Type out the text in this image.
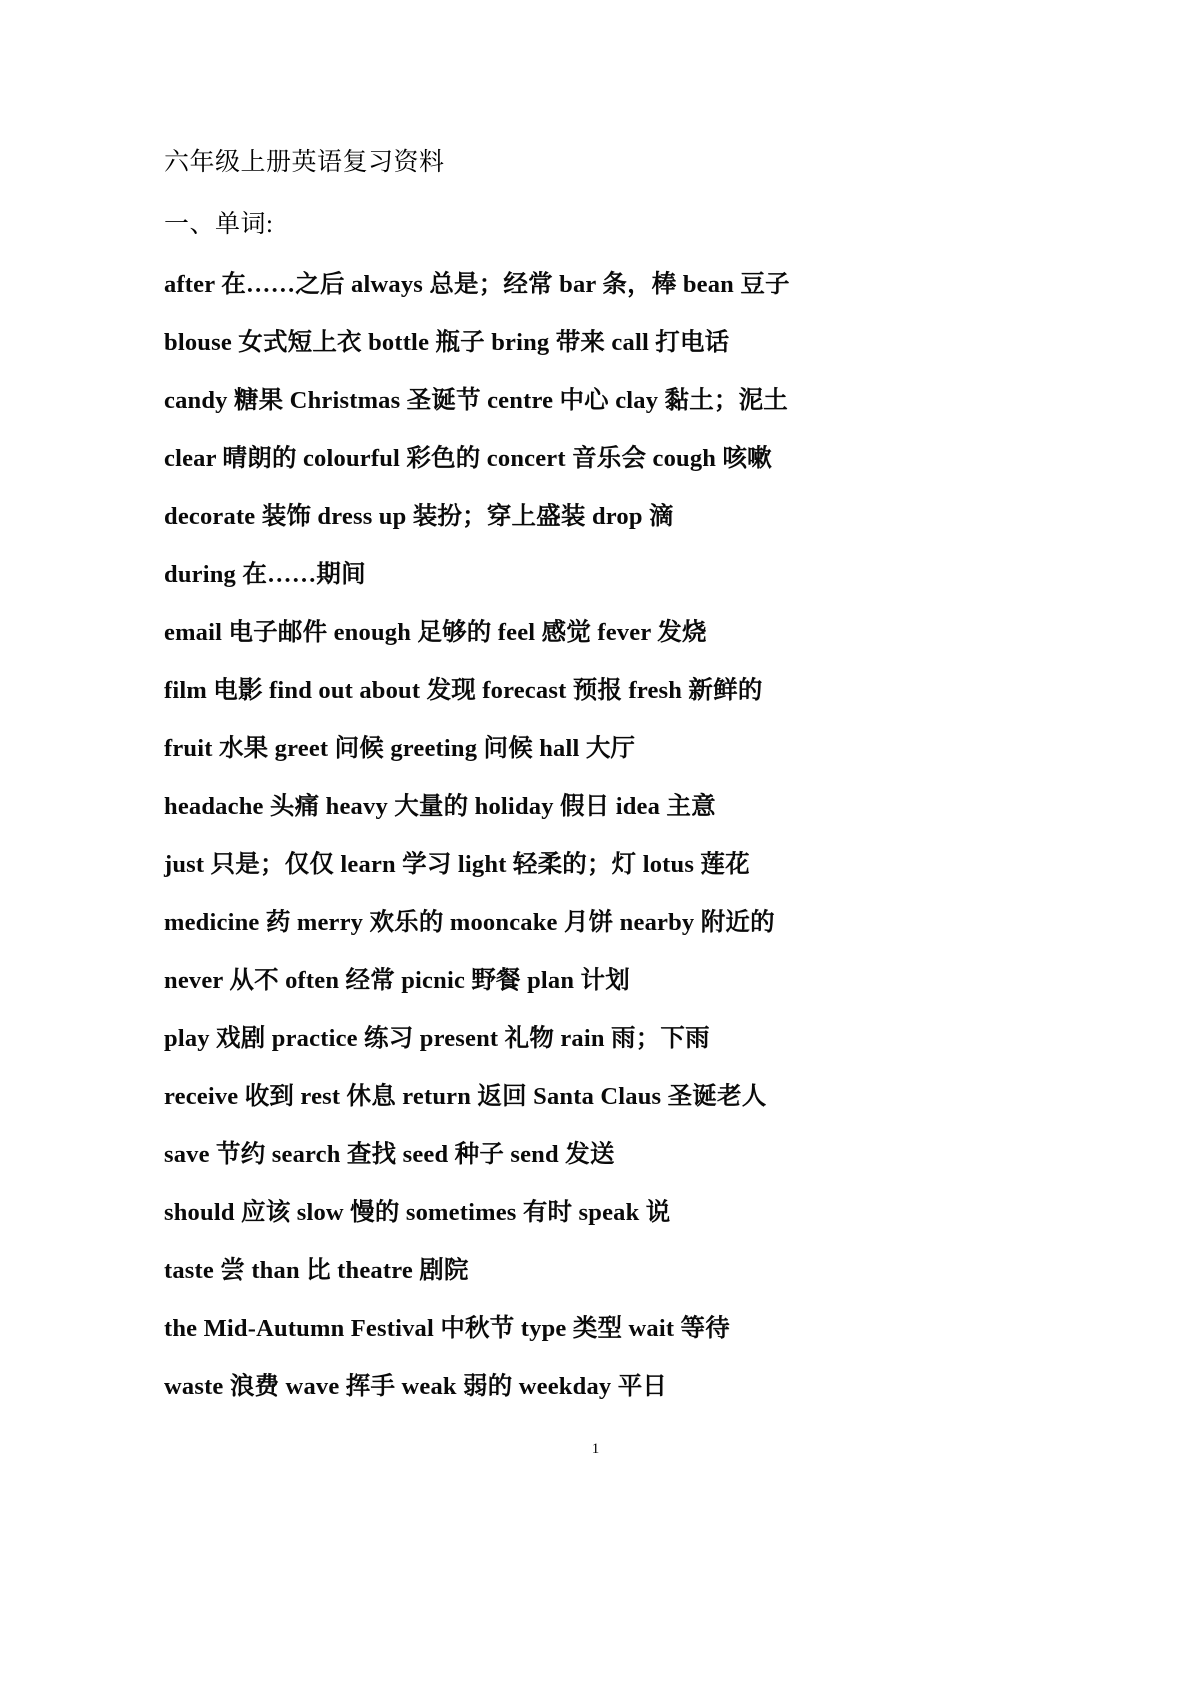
六年级上册英语复习资料
一、单词:
after 在……之后 always 总是；经常 bar 条，棒 bean 豆子
blouse 女式短上衣 bottle 瓶子 bring 带来 call 打电话
candy 糖果 Christmas 圣诞节 centre 中心 clay 黏土；泥土
clear 晴朗的 colourful 彩色的 concert 音乐会 cough 咳嗽
decorate 装饰 dress up 装扮；穿上盛装 drop 滴
during 在……期间
email 电子邮件 enough 足够的 feel 感觉 fever 发烧
film 电影 find out about 发现 forecast 预报 fresh 新鲜的
fruit 水果 greet 问候 greeting 问候 hall 大厅
headache 头痛 heavy 大量的 holiday 假日 idea 主意
just 只是；仅仅 learn 学习 light 轻柔的；灯 lotus 莲花
medicine 药 merry 欢乐的 mooncake 月饼 nearby 附近的
never 从不 often 经常 picnic 野餐 plan 计划
play 戏剧 practice 练习 present 礼物 rain 雨；下雨
receive 收到 rest 休息 return 返回 Santa Claus 圣诞老人
save 节约 search 查找 seed 种子 send 发送
should 应该 slow 慢的 sometimes 有时 speak 说
taste 尝 than 比 theatre 剧院
the Mid-Autumn Festival 中秋节 type 类型 wait 等待
waste 浪费 wave 挥手 weak 弱的 weekday 平日
1
